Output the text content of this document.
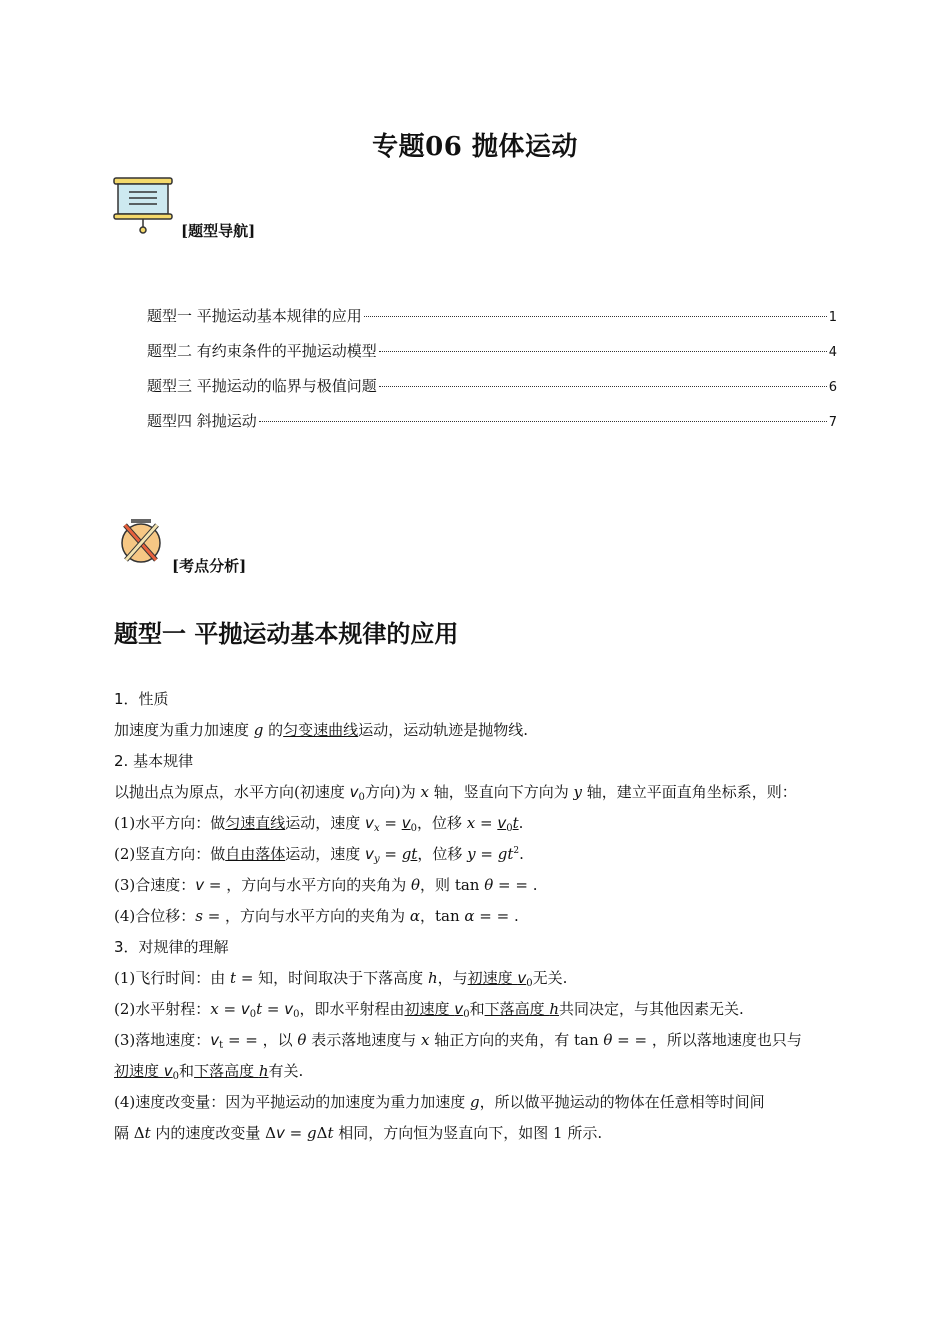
专题06 抛体运动
[题型导航]
题型一 平抛运动基本规律的应用	1
题型二 有约束条件的平抛运动模型	4
题型三 平抛运动的临界与极值问题	6
题型四 斜抛运动	7
[考点分析]
题型一 平抛运动基本规律的应用
1．性质
加速度为重力加速度 g 的匀变速曲线运动，运动轨迹是抛物线.
2. 基本规律
以抛出点为原点，水平方向(初速度 $v_0$方向)为 x 轴，竖直向下方向为 y 轴，建立平面直角坐标系，则：
(1)水平方向：做匀速直线运动，速度 $v_x = v_0$，位移 $x = v_0t$.
(2)竖直方向：做自由落体运动，速度 $v_y$ = gt，位移 $y = gt^2$.
(3)合速度：v = ，方向与水平方向的夹角为 θ，则 tan θ = = .
(4)合位移：s = ，方向与水平方向的夹角为 α，tan α = = .
3．对规律的理解
(1)飞行时间：由 t = 知，时间取决于下落高度 h，与初速度 $v_0$无关.
(2)水平射程：$x = v_0t = v_0$，即水平射程由初速度 $v_0$和下落高度 h共同决定，与其他因素无关.
(3)落地速度：$v_t$ = = ，以 θ 表示落地速度与 x 轴正方向的夹角，有 tan θ = = ，所以落地速度也只与
初速度 $v_0$和下落高度 h有关.
(4)速度改变量：因为平抛运动的加速度为重力加速度 g，所以做平抛运动的物体在任意相等时间间
隔 Δt 内的速度改变量 Δv = gΔt 相同，方向恒为竖直向下，如图 1 所示.
